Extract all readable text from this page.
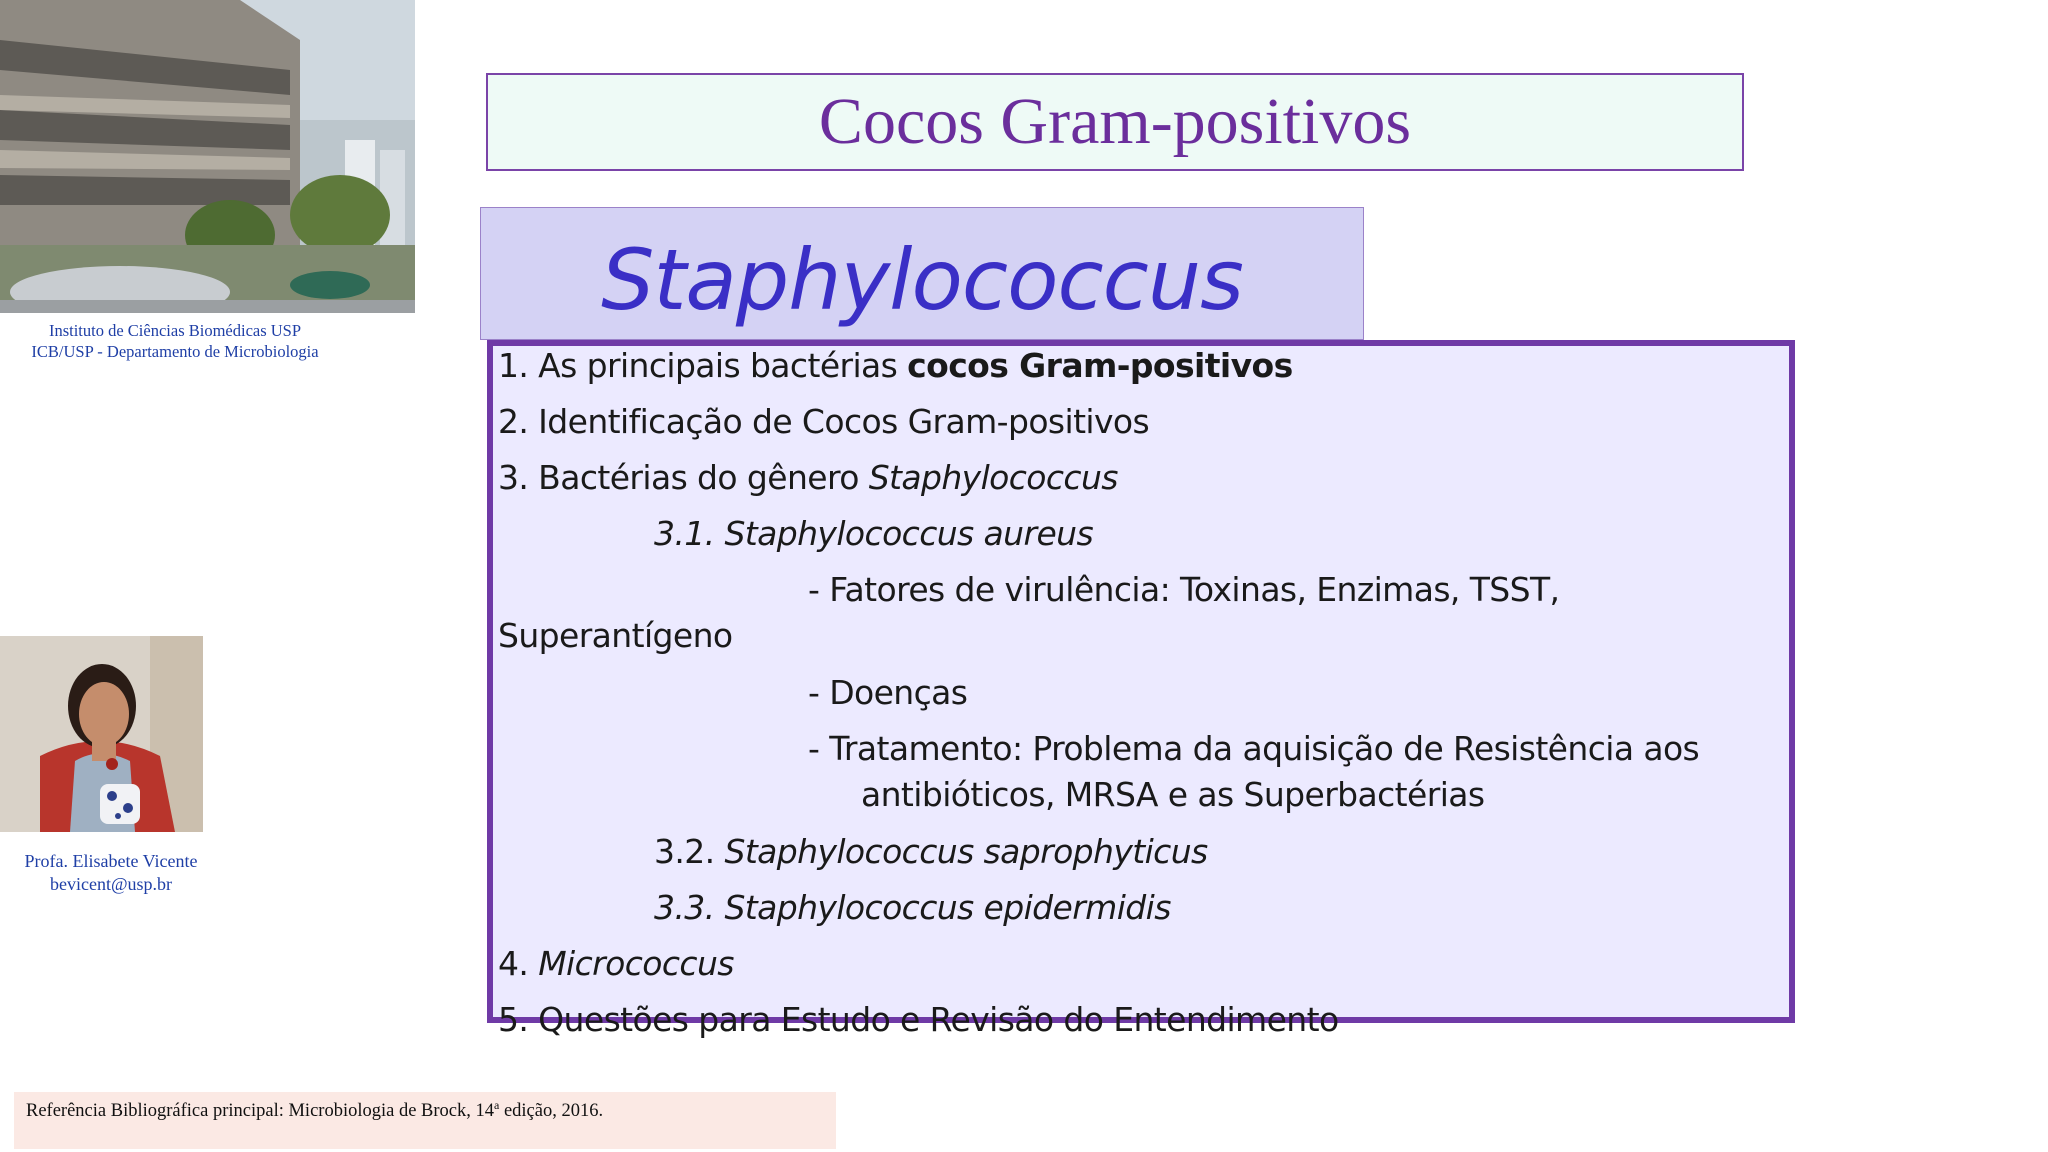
Instituto de Ciências Biomédicas USP
ICB/USP - Departamento de Microbiologia
Profa. Elisabete Vicente
bevicent@usp.br
Cocos Gram-positivos
Staphylococcus
1. As principais bactérias cocos Gram-positivos
2. Identificação de Cocos Gram-positivos
3. Bactérias do gênero Staphylococcus
3.1. Staphylococcus aureus
- Fatores de virulência: Toxinas, Enzimas, TSST,
Superantígeno
- Doenças
- Tratamento: Problema da aquisição de Resistência aos
antibióticos, MRSA e as Superbactérias
3.2. Staphylococcus saprophyticus
3.3. Staphylococcus epidermidis
4. Micrococcus
5. Questões para Estudo e Revisão do Entendimento
Referência Bibliográfica principal: Microbiologia de Brock, 14$^a$ edição, 2016.
